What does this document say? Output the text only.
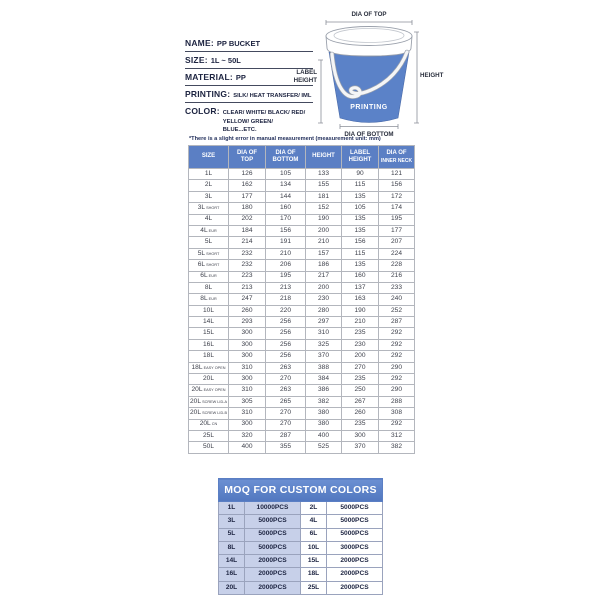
NAME: PP BUCKET
SIZE: 1L ~ 50L
MATERIAL: PP
PRINTING: SILK/ HEAT TRANSFER/ IML
COLOR: CLEAR/ WHITE/ BLACK/ RED/ YELLOW/ GREEN/ BLUE...ETC.
DIA OF TOP
HEIGHT
LABEL
HEIGHT
PRINTING
DIA OF BOTTOM
*There is a slight error in manual measurement (measurement unit: mm)
SIZE

DIA OF
TOP

DIA OF
BOTTOM

HEIGHT

LABEL
HEIGHT

DIA OF
INNER NECK

1L	126	105	133	90	121
2L	162	134	155	115	156
3L	177	144	181	135	172
3L SHORT	180	160	152	105	174
4L	202	170	190	135	195
4L EUR	184	156	200	135	177
5L	214	191	210	156	207
5L SHORT	232	210	157	115	224
6L SHORT	232	206	186	135	228
6L EUR	223	195	217	160	216
8L	213	213	200	137	233
8L EUR	247	218	230	163	240
10L	260	220	280	190	252
14L	293	256	297	210	287
15L	300	256	310	235	292
16L	300	256	325	230	292
18L	300	256	370	200	292
18L EASY OPEN	310	263	388	270	290
20L	300	270	384	235	292
20L EASY OPEN	310	263	386	250	290
20L SCREW LID-A	305	265	382	267	288
20L SCREW LID-B	310	270	380	260	308
20L CN	300	270	380	235	292
25L	320	287	400	300	312
50L	400	355	525	370	382
MOQ FOR CUSTOM COLORS			
1L	10000PCS	2L	5000PCS
3L	5000PCS	4L	5000PCS
5L	5000PCS	6L	5000PCS
8L	5000PCS	10L	3000PCS
14L	2000PCS	15L	2000PCS
16L	2000PCS	18L	2000PCS
20L	2000PCS	25L	2000PCS
